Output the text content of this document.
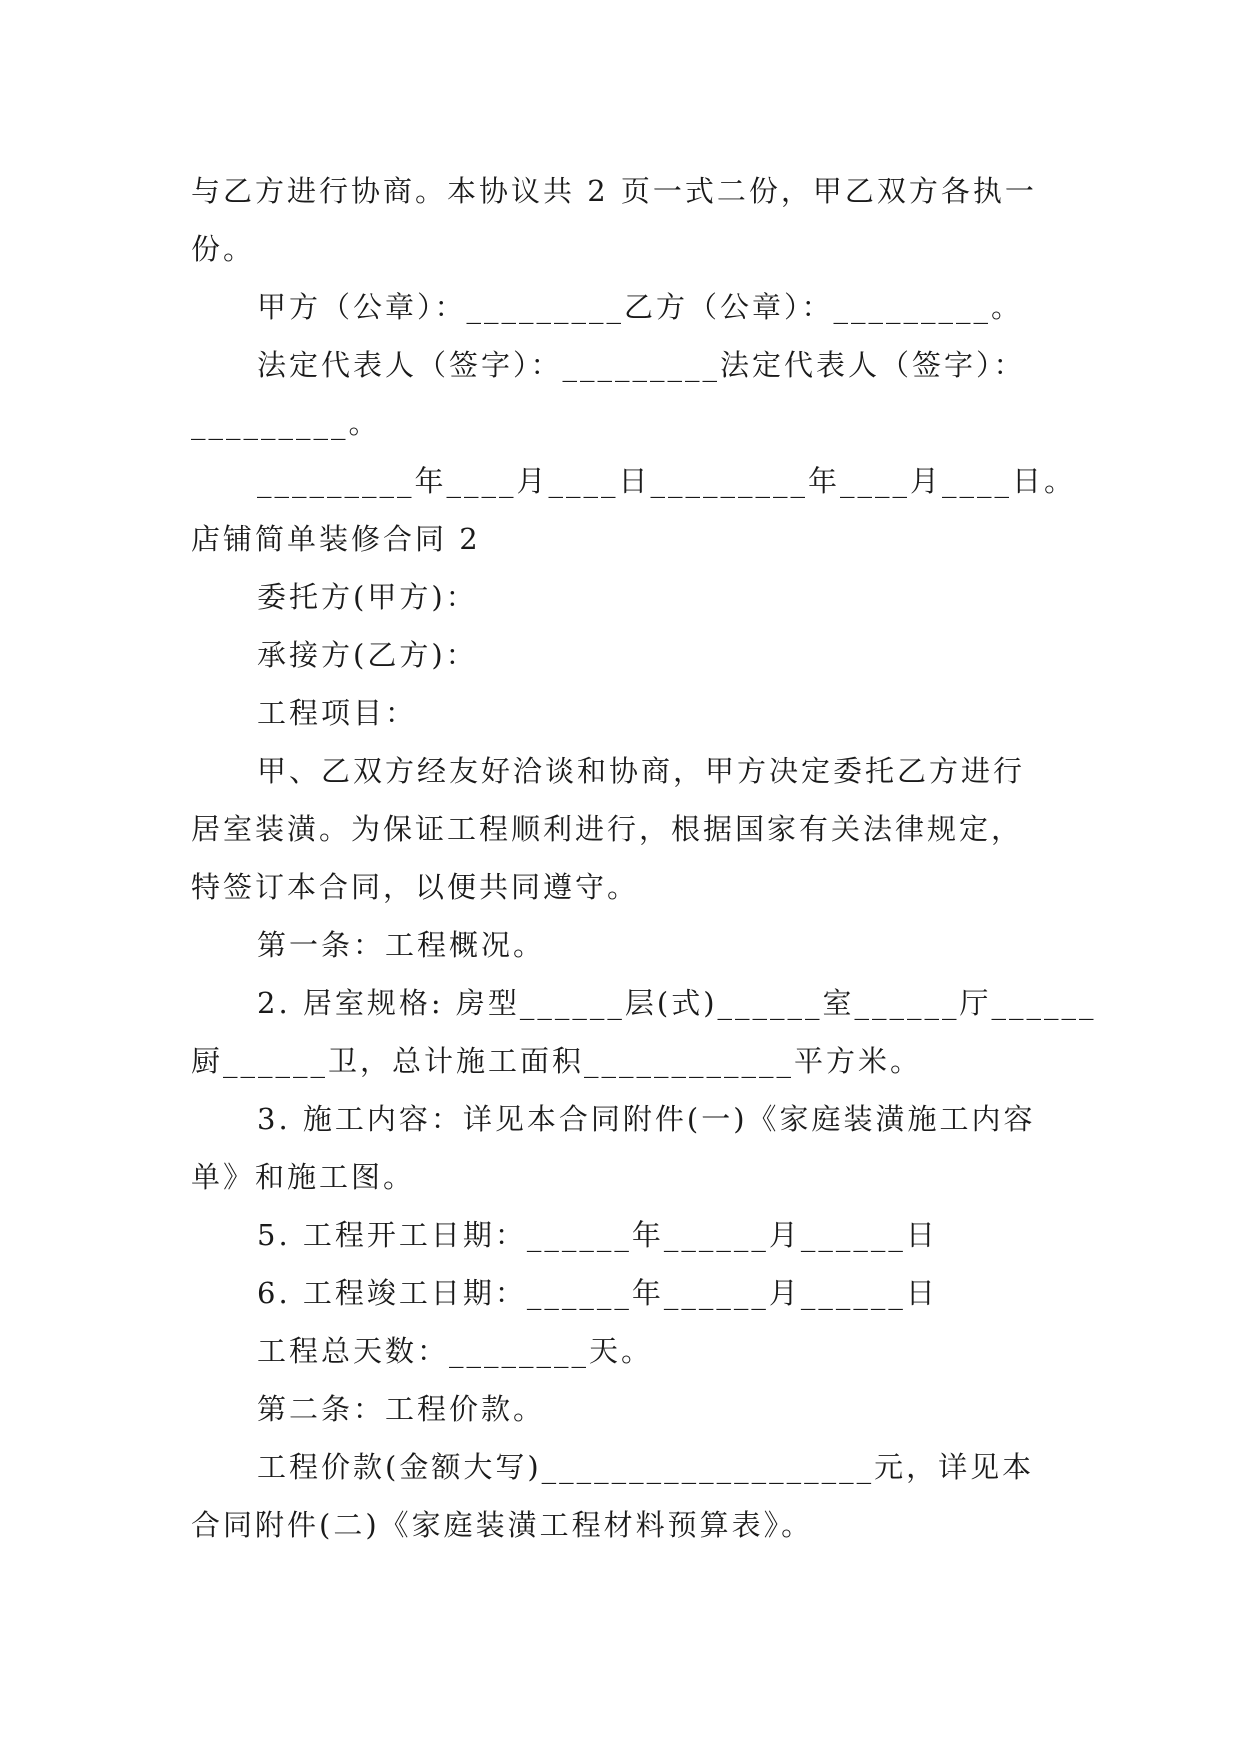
与乙方进行协商。本协议共 2 页一式二份，甲乙双方各执一
份。
甲方（公章）：_________乙方（公章）：_________。
法定代表人（签字）：_________法定代表人（签字）：
_________。
_________年____月____日_________年____月____日。
店铺简单装修合同 2
委托方(甲方)：
承接方(乙方)：
工程项目：
甲、乙双方经友好洽谈和协商，甲方决定委托乙方进行
居室装潢。为保证工程顺利进行，根据国家有关法律规定，
特签订本合同，以便共同遵守。
第一条：工程概况。
2. 居室规格: 房型______层(式)______室______厅______
厨______卫，总计施工面积____________平方米。
3. 施工内容：详见本合同附件(一)《家庭装潢施工内容
单》和施工图。
5. 工程开工日期：______年______月______日
6. 工程竣工日期：______年______月______日
工程总天数：________天。
第二条：工程价款。
工程价款(金额大写)___________________元，详见本
合同附件(二)《家庭装潢工程材料预算表》。
